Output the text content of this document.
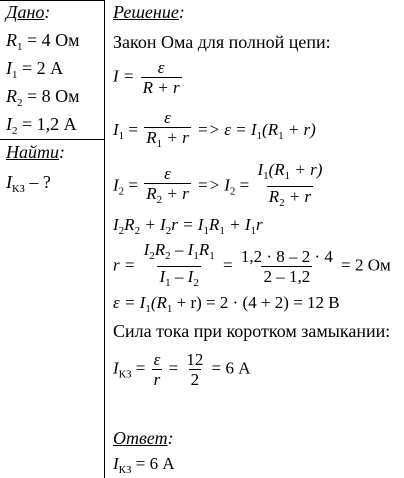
Дано:
$R_1 = 4$ Ом
$I_1 = 2$ А
$R_2 = 8$ Ом
$I_2 = 1,2$ А
Найти:
$I_{КЗ}$ – ?
Решение:
Закон Ома для полной цепи:
$I = \frac{\varepsilon}{R + r}$
$I_1 = \frac{\varepsilon}{R_1 + r} => \varepsilon = I_1(R_1 + r)$
$I_2 = \frac{\varepsilon}{R_2 + r} => I_2 = \frac{I_1(R_1 + r)}{R_2 + r}$
$I_2R_2 + I_2r = I_1R_1 + I_1r$
$r = \frac{I_2R_2 - I_1R_1}{I_1 - I_2} = \frac{1,2 \cdot 8 - 2 \cdot 4}{2 - 1,2} = 2$ Ом
$\varepsilon = I_1(R_1 + r) = 2 \cdot (4 + 2) = 12$ В
Сила тока при коротком замыкании:
$I_{КЗ} = \frac{\varepsilon}{r} = \frac{12}{2} = 6$ А
Ответ:
$I_{КЗ} = 6$ А
